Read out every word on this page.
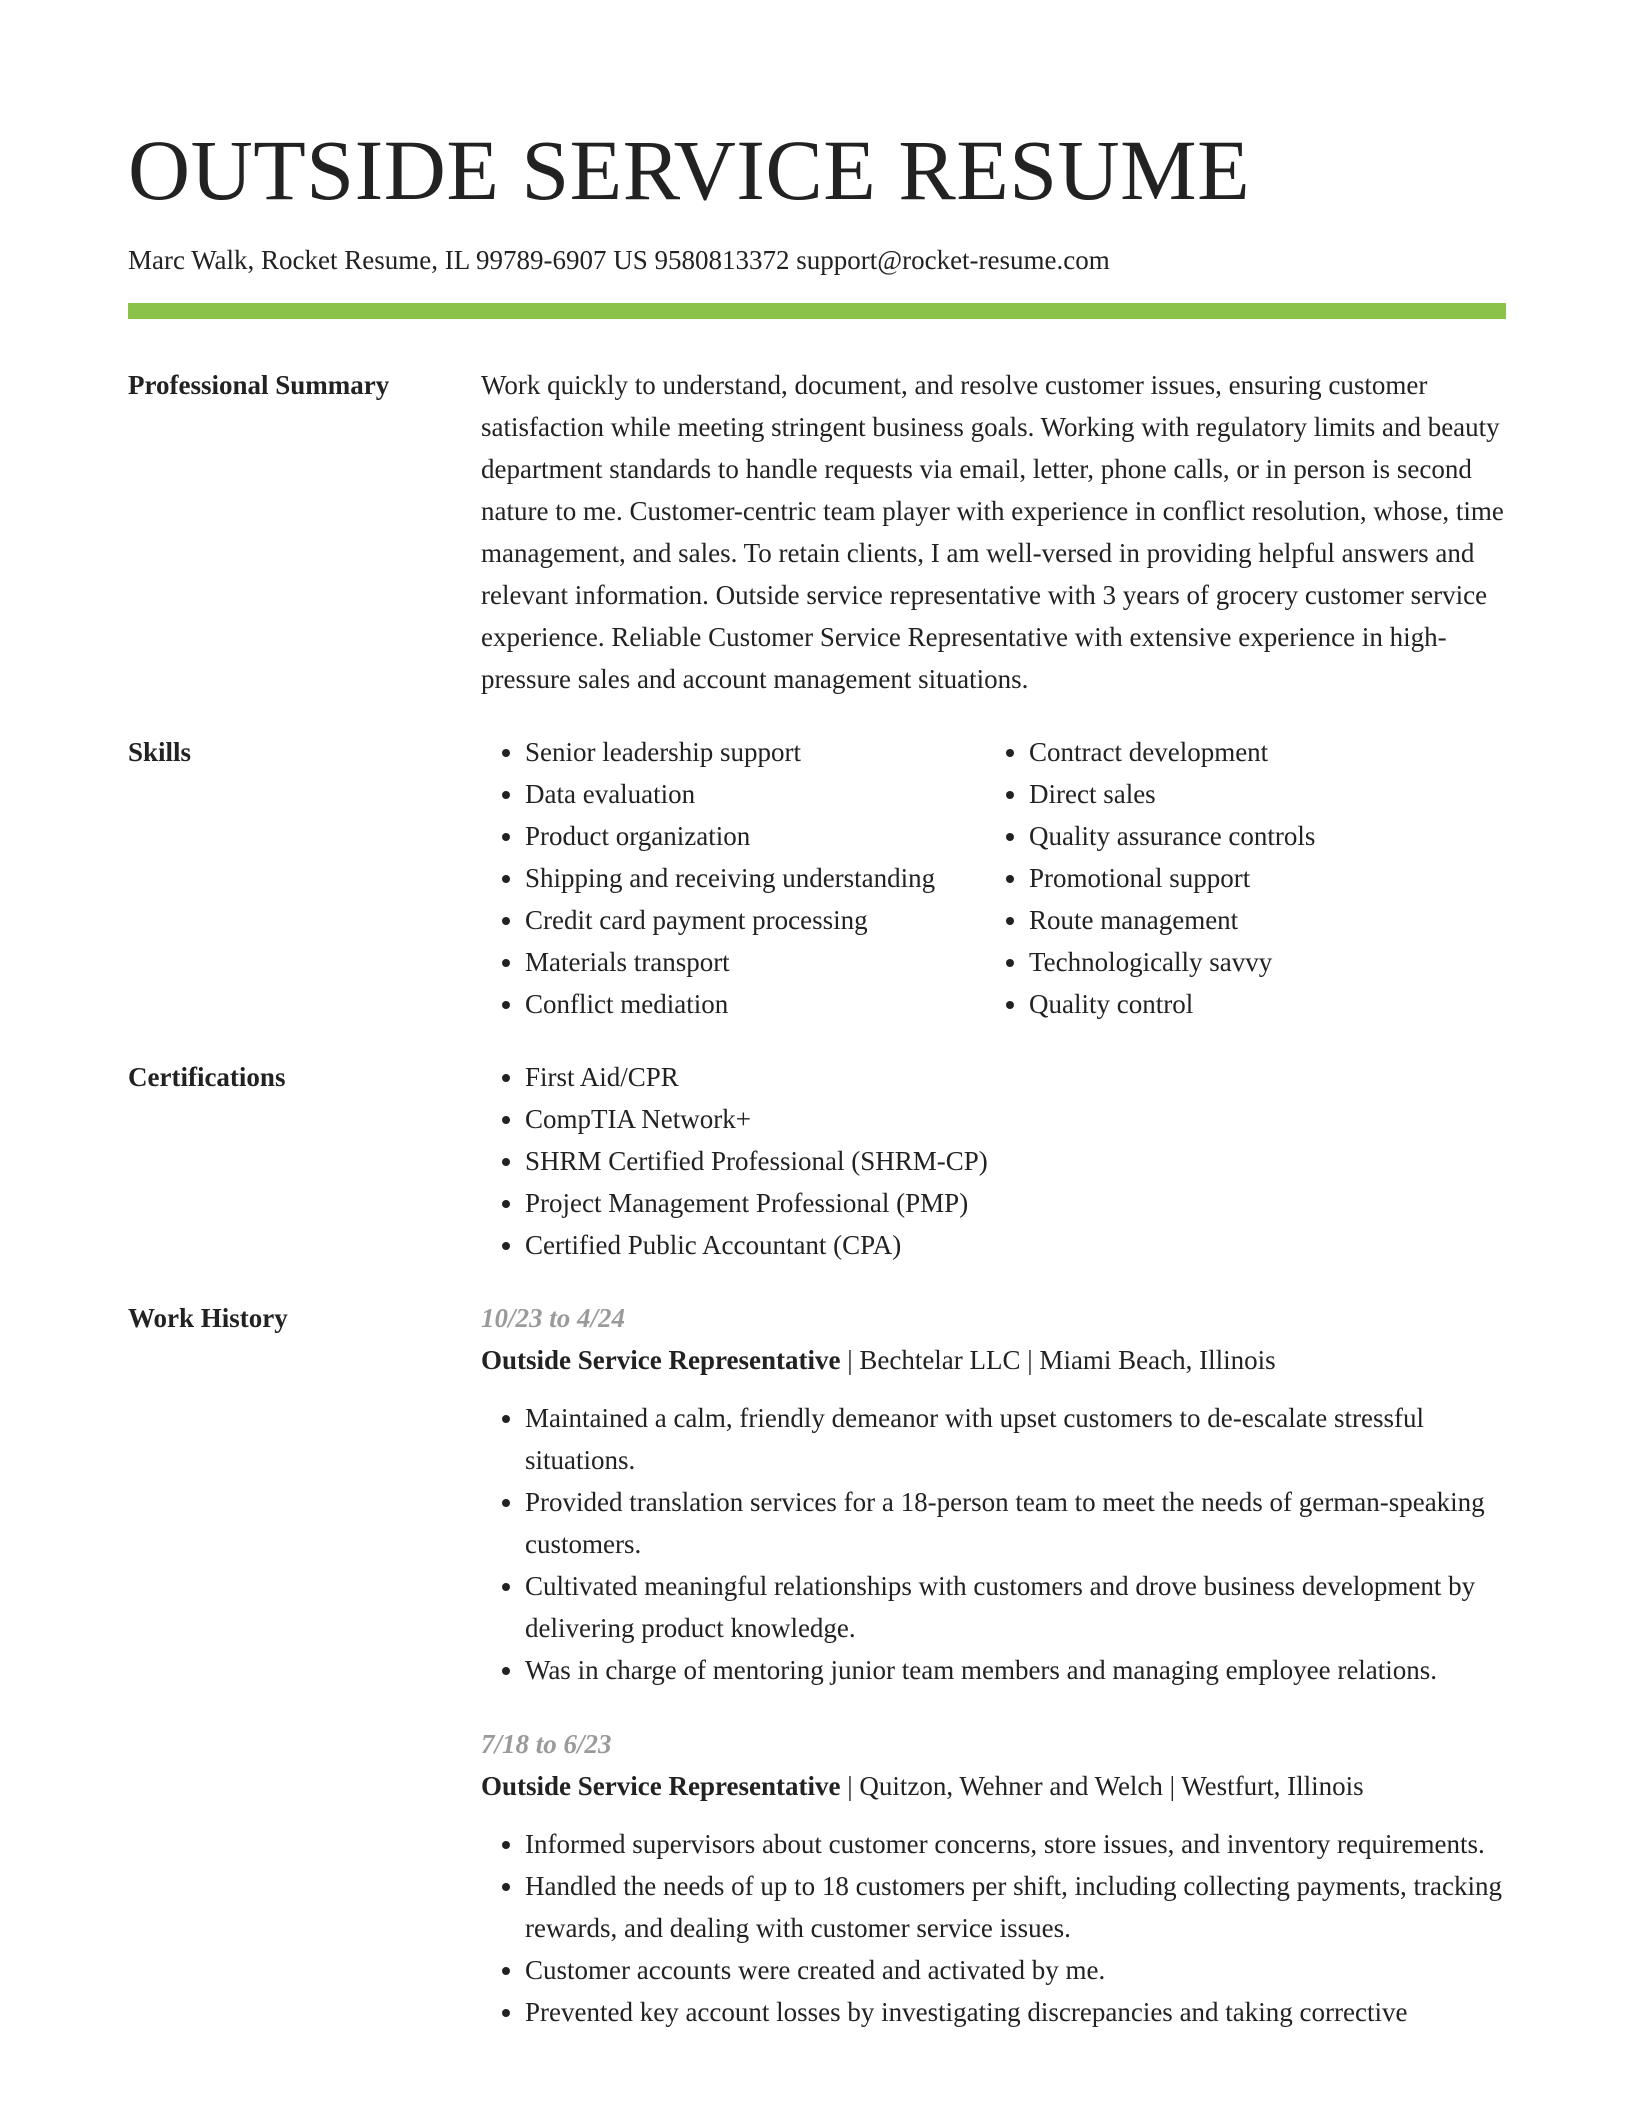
OUTSIDE SERVICE RESUME
Marc Walk, Rocket Resume, IL 99789-6907 US 9580813372 support@rocket-resume.com
Professional Summary	Work quickly to understand, document, and resolve customer issues, ensuring customer satisfaction while meeting stringent business goals. Working with regulatory limits and beauty department standards to handle requests via email, letter, phone calls, or in person is second nature to me. Customer-centric team player with experience in conflict resolution, whose, time management, and sales. To retain clients, I am well-versed in providing helpful answers and relevant information. Outside service representative with 3 years of grocery customer service experience. Reliable Customer Service Representative with extensive experience in high-pressure sales and account management situations.

Skills	• Senior leadership support
• Data evaluation
• Product organization
• Shipping and receiving understanding
• Credit card payment processing
• Materials transport
• Conflict mediation
• Contract development
• Direct sales
• Quality assurance controls
• Promotional support
• Route management
• Technologically savvy
• Quality control
Certifications	• First Aid/CPR
• CompTIA Network+
• SHRM Certified Professional (SHRM-CP)
• Project Management Professional (PMP)
• Certified Public Accountant (CPA)
Work History	10/23 to 4/24
Outside Service Representative | Bechtelar LLC | Miami Beach, Illinois
• Maintained a calm, friendly demeanor with upset customers to de-escalate stressful situations.
• Provided translation services for a 18-person team to meet the needs of german-speaking customers.
• Cultivated meaningful relationships with customers and drove business development by delivering product knowledge.
• Was in charge of mentoring junior team members and managing employee relations.
7/18 to 6/23
Outside Service Representative | Quitzon, Wehner and Welch | Westfurt, Illinois
• Informed supervisors about customer concerns, store issues, and inventory requirements.
• Handled the needs of up to 18 customers per shift, including collecting payments, tracking rewards, and dealing with customer service issues.
• Customer accounts were created and activated by me.
• Prevented key account losses by investigating discrepancies and taking corrective
